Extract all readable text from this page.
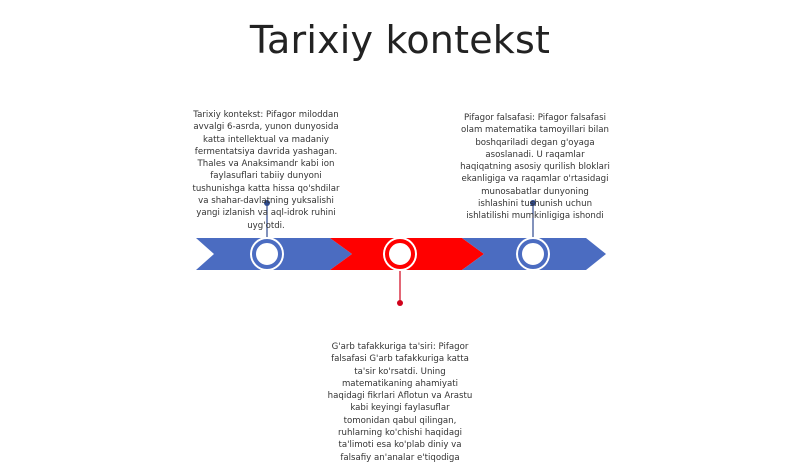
Tarixiy kontekst
Tarixiy kontekst: Pifagor miloddan avvalgi 6-asrda, yunon dunyosida katta intellektual va madaniy fermentatsiya davrida yashagan. Thales va Anaksimandr kabi ion faylasuflari tabiiy dunyoni tushunishga katta hissa qo'shdilar va shahar-davlatning yuksalishi yangi izlanish va aql-idrok ruhini uyg'otdi.
Pifagor falsafasi: Pifagor falsafasi olam matematika tamoyillari bilan boshqariladi degan g'oyaga asoslanadi. U raqamlar haqiqatning asosiy qurilish bloklari ekanligiga va raqamlar o'rtasidagi munosabatlar dunyoning ishlashini tushunish uchun ishlatilishi mumkinligiga ishondi
G'arb tafakkuriga ta'siri: Pifagor falsafasi G'arb tafakkuriga katta ta'sir ko'rsatdi. Uning matematikaning ahamiyati haqidagi fikrlari Aflotun va Arastu kabi keyingi faylasuflar tomonidan qabul qilingan, ruhlarning ko'chishi haqidagi ta'limoti esa ko'plab diniy va falsafiy an'analar e'tiqodiga
